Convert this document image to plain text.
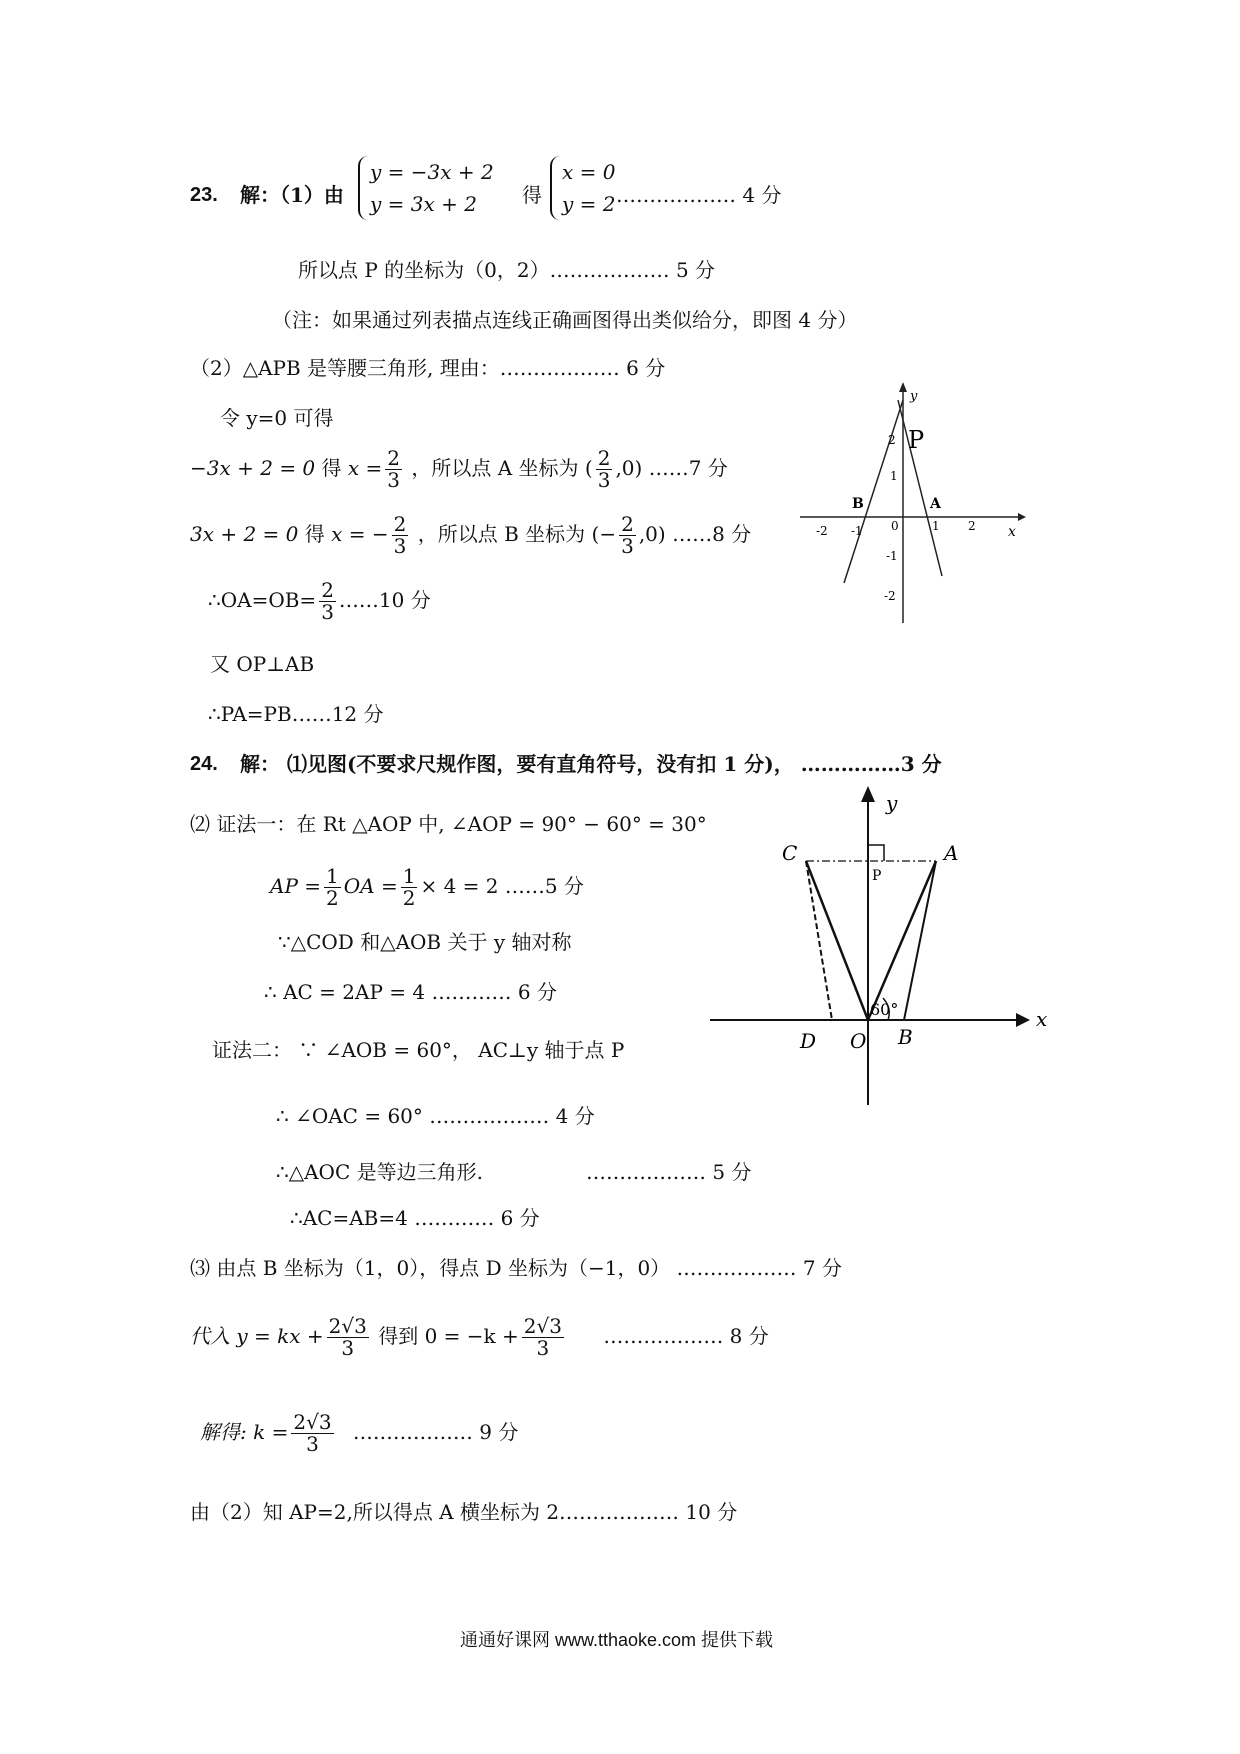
23. 解：（1）由
y = −3x + 2
y = 3x + 2	得
x = 0
y = 2 ……………… 4 分
所以点 P 的坐标为（0，2）……………… 5 分
（注：如果通过列表描点连线正确画图得出类似给分，即图 4 分）
（2）△APB 是等腰三角形, 理由：……………… 6 分
令 y=0 可得
−3x + 2 = 0 得 $x = \frac{2}{3}$ ，所以点 A 坐标为 ( $\frac{2}{3} ,0$) ……7 分
3x + 2 = 0 得 x = − $\frac{2}{3}$ ，所以点 B 坐标为 (− $\frac{2}{3} ,0$) ……8 分
∴OA=OB= $\frac{2}{3}$ ……10 分
又 OP⊥AB
∴PA=PB……12 分
y
x
P
A
B
-2 -1 0	1 2
2
1
-1
-2
24. 解： ⑴见图(不要求尺规作图，要有直角符号，没有扣 1 分)， ……………3 分
⑵ 证法一：在 Rt △AOP 中, ∠AOP = 90° − 60° = 30°
AP = $\frac{1}{2}$ OA = $\frac{1}{2} \times 4 = 2$ ……5 分
∵△COD 和△AOB 关于 y 轴对称
∴ AC = 2AP = 4 ………… 6 分
证法二： ∵ ∠AOB = 60°， AC⊥y 轴于点 P
∴ ∠OAC = 60° ……………… 4 分
∴△AOC 是等边三角形.	……………… 5 分
∴AC=AB=4 ………… 6 分
⑶ 由点 B 坐标为（1，0），得点 D 坐标为（−1，0） ……………… 7 分
代入 y = kx + $\frac{2√3}{3}$ 得到 $0 = -k + \frac{2√3}{3}$ ……………… 8 分
解得: $k = \frac{2√3}{3}$ ……………… 9 分
由（2）知 AP=2,所以得点 A 横坐标为 2……………… 10 分
y
x
C	A
P
D O B
60°
通通好课网 www.tthaoke.com 提供下载
